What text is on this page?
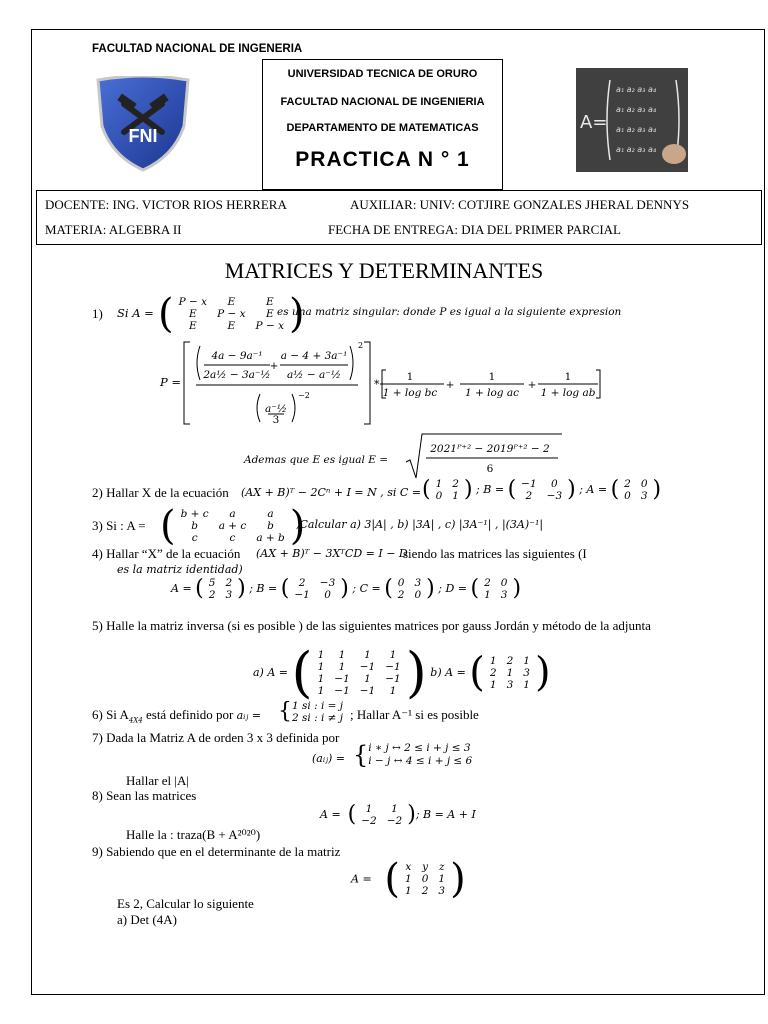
FACULTAD NACIONAL DE INGENERIA
FNI
UNIVERSIDAD TECNICA DE ORURO
FACULTAD NACIONAL DE INGENIERIA
DEPARTAMENTO DE MATEMATICAS
PRACTICA N ° 1
A=
a₁ a₂ a₃ a₄
a₁ a₂ a₃ a₄
a₁ a₂ a₃ a₄
a₁ a₂ a₃ a₄
DOCENTE: ING. VICTOR RIOS HERRERA	AUXILIAR: UNIV: COTJIRE GONZALES JHERAL DENNYS
MATERIA: ALGEBRA II	FECHA DE ENTREGA: DIA DEL PRIMER PARCIAL
MATRICES Y DETERMINANTES
1) Si A = ( P − x	E	E
E	P − x	E
E	E	P − x )
es una matriz singular: donde P es igual a la siguiente expresion
P =
2
4a − 9a⁻¹
2a½ − 3a⁻½
+
a − 4 + 3a⁻¹
a½ − a⁻½
a⁻½
3
−2
*
1
1 + log bc
+
1
1 + log ac
+
1
1 + log ab
Ademas que E es igual E =
2021ᴾ⁺² − 2019ᴾ⁺² − 2
6
2) Hallar X de la ecuación (AX + B)ᵀ − 2Cⁿ + I = N , si C = ( 1	2
0	1 ) ; B = ( −1	0
2	−3 ) ; A = ( 2	0
0	3 )
3) Si : A = ( b + c	a	a
b	a + c	b
c	c	a + b )
,Calcular a) 3|A| , b) |3A| , c) |3A⁻¹| , |(3A)⁻¹|
4) Hallar “X” de la ecuación (AX + B)ᵀ − 3XᵀCD = I − D
siendo las matrices las siguientes (I
es la matriz identidad)
A = ( 5	2
2	3 ) ; B = ( 2	−3
−1	0 ) ; C = ( 0	3
2	0 ) ; D = ( 2	0
1	3 )
5) Halle la matriz inversa (si es posible ) de las siguientes matrices por gauss Jordán y método de la adjunta
a) A = ( 1	1	1	1
1	1	−1	−1
1	−1	1	−1
1	−1	−1	1 ) b) A = ( 1	2	1
2	1	3
1	3	1 )
6) Si $A_{4X4}$ está definido por aᵢⱼ = { 1 si : i = j
2 si : i ≠ j ; Hallar A⁻¹ si es posible
7) Dada la Matriz A de orden 3 x 3 definida por
(aᵢⱼ) = { i ∗ j ↔ 2 ≤ i + j ≤ 3
i − j ↔ 4 ≤ i + j ≤ 6
Hallar el |A|
8) Sean las matrices
A = ( 1	1
−2	−2 ); B = A + I
Halle la : traza(B + A²⁰²⁰)
9) Sabiendo que en el determinante de la matriz
A = ( x	y	z
1	0	1
1	2	3 )
Es 2, Calcular lo siguiente
a) Det (4A)
